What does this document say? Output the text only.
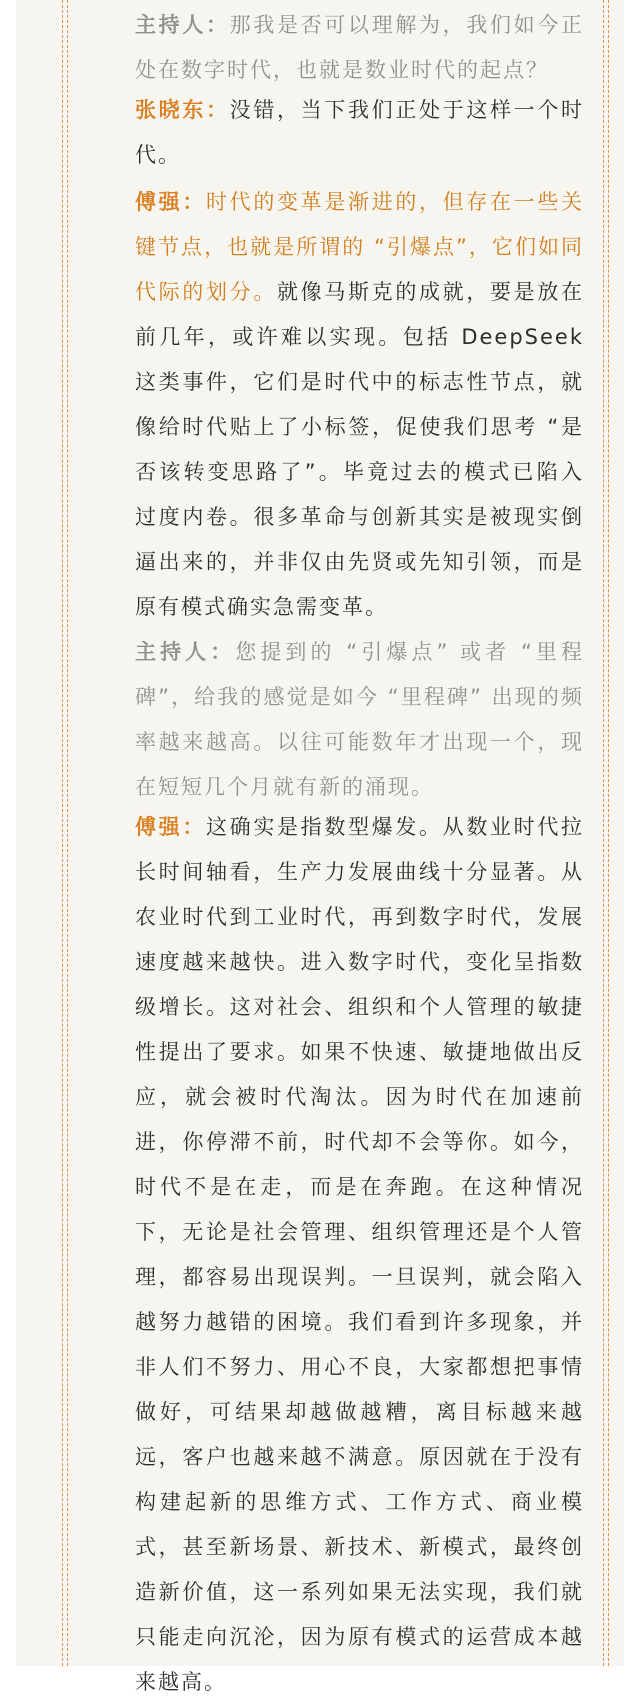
主持人：那我是否可以理解为，我们如今正处在数字时代，也就是数业时代的起点？

张晓东：没错，当下我们正处于这样一个时代。

傅强：时代的变革是渐进的，但存在一些关键节点，也就是所谓的 “引爆点”，它们如同代际的划分。就像马斯克的成就，要是放在前几年，或许难以实现。包括 DeepSeek 这类事件，它们是时代中的标志性节点，就像给时代贴上了小标签，促使我们思考 “是否该转变思路了”。毕竟过去的模式已陷入过度内卷。很多革命与创新其实是被现实倒逼出来的，并非仅由先贤或先知引领，而是原有模式确实急需变革。

主持人：您提到的 “引爆点” 或者 “里程碑”，给我的感觉是如今 “里程碑” 出现的频率越来越高。以往可能数年才出现一个，现在短短几个月就有新的涌现。

傅强：这确实是指数型爆发。从数业时代拉长时间轴看，生产力发展曲线十分显著。从农业时代到工业时代，再到数字时代，发展速度越来越快。进入数字时代，变化呈指数级增长。这对社会、组织和个人管理的敏捷性提出了要求。如果不快速、敏捷地做出反应，就会被时代淘汰。因为时代在加速前进，你停滞不前，时代却不会等你。如今，时代不是在走，而是在奔跑。在这种情况下，无论是社会管理、组织管理还是个人管理，都容易出现误判。一旦误判，就会陷入越努力越错的困境。我们看到许多现象，并非人们不努力、用心不良，大家都想把事情做好，可结果却越做越糟，离目标越来越远，客户也越来越不满意。原因就在于没有构建起新的思维方式、工作方式、商业模式，甚至新场景、新技术、新模式，最终创造新价值，这一系列如果无法实现，我们就只能走向沉沦，因为原有模式的运营成本越来越高。
